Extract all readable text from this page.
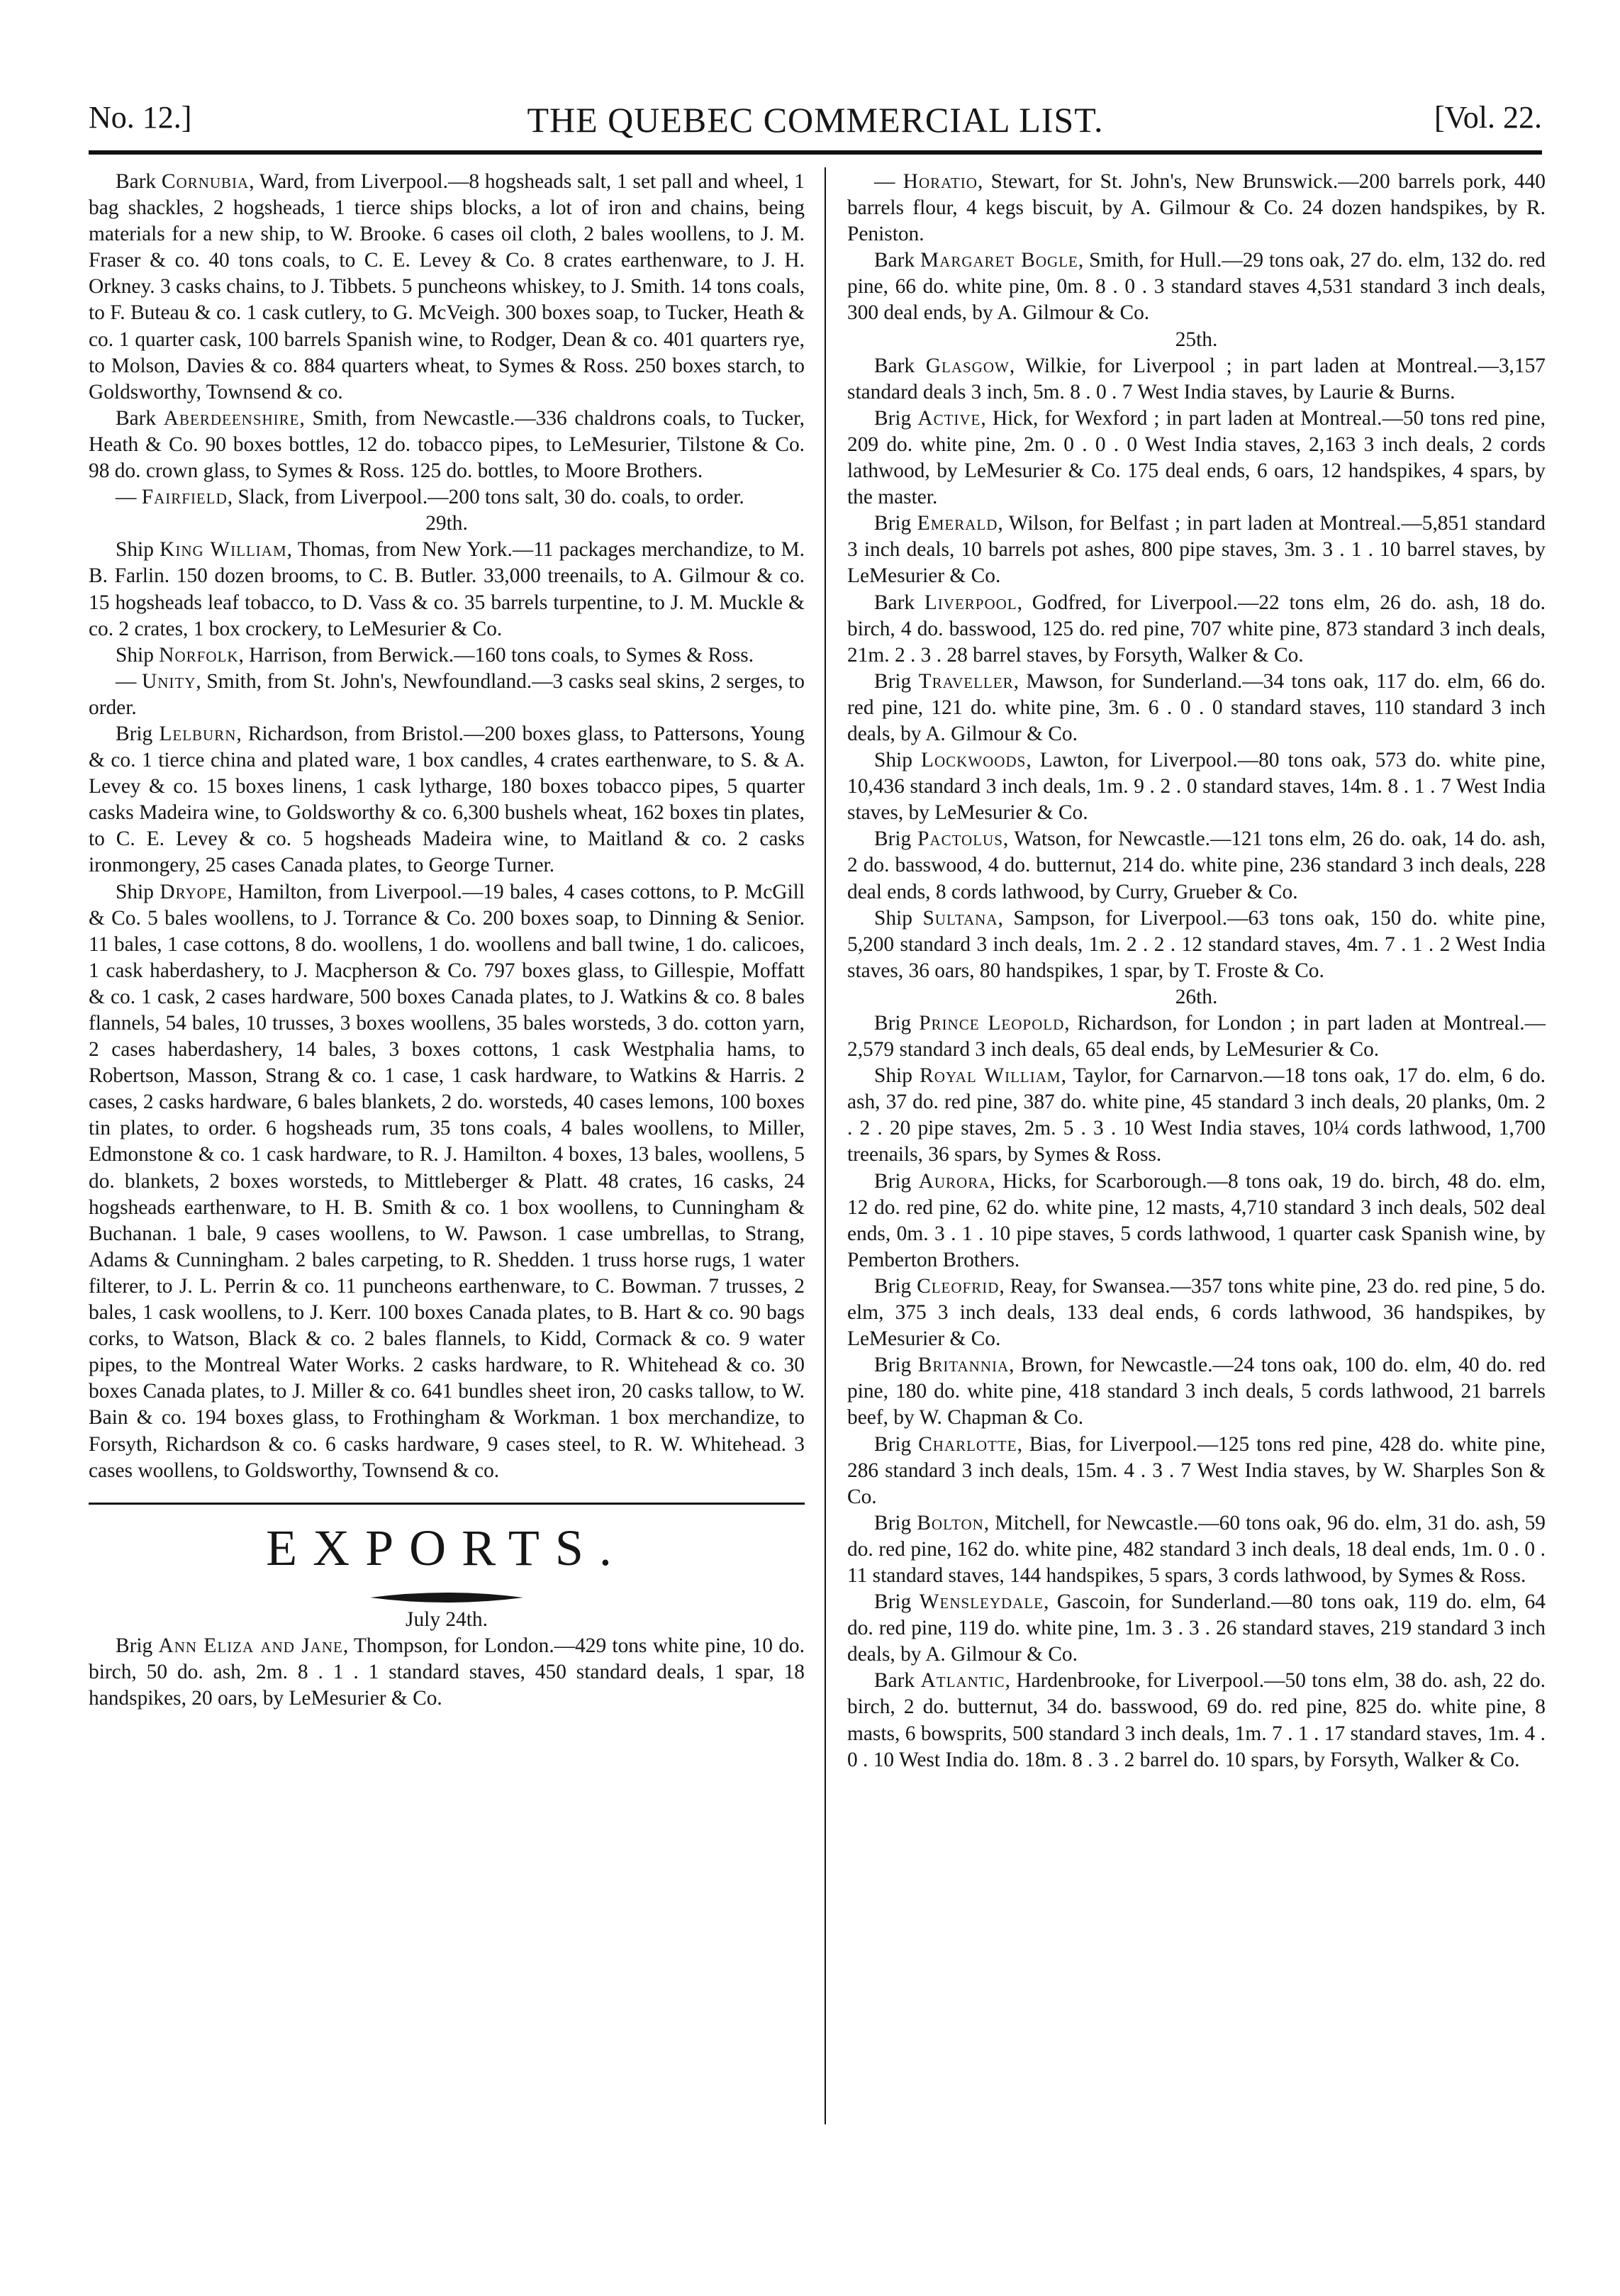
No. 12.]	THE QUEBEC COMMERCIAL LIST.	[Vol. 22.

Bark Cornubia, Ward, from Liverpool.—8 hogsheads salt, 1 set pall and wheel, 1 bag shackles, 2 hogsheads, 1 tierce ships blocks, a lot of iron and chains, being materials for a new ship, to W. Brooke. 6 cases oil cloth, 2 bales woollens, to J. M. Fraser & co. 40 tons coals, to C. E. Levey & Co. 8 crates earthenware, to J. H. Orkney. 3 casks chains, to J. Tibbets. 5 puncheons whiskey, to J. Smith. 14 tons coals, to F. Buteau & co. 1 cask cutlery, to G. McVeigh. 300 boxes soap, to Tucker, Heath & co. 1 quarter cask, 100 barrels Spanish wine, to Rodger, Dean & co. 401 quarters rye, to Molson, Davies & co. 884 quarters wheat, to Symes & Ross. 250 boxes starch, to Goldsworthy, Townsend & co.

Bark Aberdeenshire, Smith, from Newcastle.—336 chaldrons coals, to Tucker, Heath & Co. 90 boxes bottles, 12 do. tobacco pipes, to LeMesurier, Tilstone & Co. 98 do. crown glass, to Symes & Ross. 125 do. bottles, to Moore Brothers.

— Fairfield, Slack, from Liverpool.—200 tons salt, 30 do. coals, to order.

29th.

Ship King William, Thomas, from New York.—11 packages merchandize, to M. B. Farlin. 150 dozen brooms, to C. B. Butler. 33,000 treenails, to A. Gilmour & co. 15 hogsheads leaf tobacco, to D. Vass & co. 35 barrels turpentine, to J. M. Muckle & co. 2 crates, 1 box crockery, to LeMesurier & Co.

Ship Norfolk, Harrison, from Berwick.—160 tons coals, to Symes & Ross.

— Unity, Smith, from St. John's, Newfoundland.—3 casks seal skins, 2 serges, to order.

Brig Lelburn, Richardson, from Bristol.—200 boxes glass, to Pattersons, Young & co. 1 tierce china and plated ware, 1 box candles, 4 crates earthenware, to S. & A. Levey & co. 15 boxes linens, 1 cask lytharge, 180 boxes tobacco pipes, 5 quarter casks Madeira wine, to Goldsworthy & co. 6,300 bushels wheat, 162 boxes tin plates, to C. E. Levey & co. 5 hogsheads Madeira wine, to Maitland & co. 2 casks ironmongery, 25 cases Canada plates, to George Turner.

Ship Dryope, Hamilton, from Liverpool.—19 bales, 4 cases cottons, to P. McGill & Co. 5 bales woollens, to J. Torrance & Co. 200 boxes soap, to Dinning & Senior. 11 bales, 1 case cottons, 8 do. woollens, 1 do. woollens and ball twine, 1 do. calicoes, 1 cask haberdashery, to J. Macpherson & Co. 797 boxes glass, to Gillespie, Moffatt & co. 1 cask, 2 cases hardware, 500 boxes Canada plates, to J. Watkins & co. 8 bales flannels, 54 bales, 10 trusses, 3 boxes woollens, 35 bales worsteds, 3 do. cotton yarn, 2 cases haberdashery, 14 bales, 3 boxes cottons, 1 cask Westphalia hams, to Robertson, Masson, Strang & co. 1 case, 1 cask hardware, to Watkins & Harris. 2 cases, 2 casks hardware, 6 bales blankets, 2 do. worsteds, 40 cases lemons, 100 boxes tin plates, to order. 6 hogsheads rum, 35 tons coals, 4 bales woollens, to Miller, Edmonstone & co. 1 cask hardware, to R. J. Hamilton. 4 boxes, 13 bales, woollens, 5 do. blankets, 2 boxes worsteds, to Mittleberger & Platt. 48 crates, 16 casks, 24 hogsheads earthenware, to H. B. Smith & co. 1 box woollens, to Cunningham & Buchanan. 1 bale, 9 cases woollens, to W. Pawson. 1 case umbrellas, to Strang, Adams & Cunningham. 2 bales carpeting, to R. Shedden. 1 truss horse rugs, 1 water filterer, to J. L. Perrin & co. 11 puncheons earthenware, to C. Bowman. 7 trusses, 2 bales, 1 cask woollens, to J. Kerr. 100 boxes Canada plates, to B. Hart & co. 90 bags corks, to Watson, Black & co. 2 bales flannels, to Kidd, Cormack & co. 9 water pipes, to the Montreal Water Works. 2 casks hardware, to R. Whitehead & co. 30 boxes Canada plates, to J. Miller & co. 641 bundles sheet iron, 20 casks tallow, to W. Bain & co. 194 boxes glass, to Frothingham & Workman. 1 box merchandize, to Forsyth, Richardson & co. 6 casks hardware, 9 cases steel, to R. W. Whitehead. 3 cases woollens, to Goldsworthy, Townsend & co.

EXPORTS.

July 24th.

Brig Ann Eliza and Jane, Thompson, for London.—429 tons white pine, 10 do. birch, 50 do. ash, 2m. 8 . 1 . 1 standard staves, 450 standard deals, 1 spar, 18 handspikes, 20 oars, by LeMesurier & Co.

— Horatio, Stewart, for St. John's, New Brunswick.—200 barrels pork, 440 barrels flour, 4 kegs biscuit, by A. Gilmour & Co. 24 dozen handspikes, by R. Peniston.

Bark Margaret Bogle, Smith, for Hull.—29 tons oak, 27 do. elm, 132 do. red pine, 66 do. white pine, 0m. 8 . 0 . 3 standard staves 4,531 standard 3 inch deals, 300 deal ends, by A. Gilmour & Co.

25th.

Bark Glasgow, Wilkie, for Liverpool ; in part laden at Montreal.—3,157 standard deals 3 inch, 5m. 8 . 0 . 7 West India staves, by Laurie & Burns.

Brig Active, Hick, for Wexford ; in part laden at Montreal.—50 tons red pine, 209 do. white pine, 2m. 0 . 0 . 0 West India staves, 2,163 3 inch deals, 2 cords lathwood, by LeMesurier & Co. 175 deal ends, 6 oars, 12 handspikes, 4 spars, by the master.

Brig Emerald, Wilson, for Belfast ; in part laden at Montreal.—5,851 standard 3 inch deals, 10 barrels pot ashes, 800 pipe staves, 3m. 3 . 1 . 10 barrel staves, by LeMesurier & Co.

Bark Liverpool, Godfred, for Liverpool.—22 tons elm, 26 do. ash, 18 do. birch, 4 do. basswood, 125 do. red pine, 707 white pine, 873 standard 3 inch deals, 21m. 2 . 3 . 28 barrel staves, by Forsyth, Walker & Co.

Brig Traveller, Mawson, for Sunderland.—34 tons oak, 117 do. elm, 66 do. red pine, 121 do. white pine, 3m. 6 . 0 . 0 standard staves, 110 standard 3 inch deals, by A. Gilmour & Co.

Ship Lockwoods, Lawton, for Liverpool.—80 tons oak, 573 do. white pine, 10,436 standard 3 inch deals, 1m. 9 . 2 . 0 standard staves, 14m. 8 . 1 . 7 West India staves, by LeMesurier & Co.

Brig Pactolus, Watson, for Newcastle.—121 tons elm, 26 do. oak, 14 do. ash, 2 do. basswood, 4 do. butternut, 214 do. white pine, 236 standard 3 inch deals, 228 deal ends, 8 cords lathwood, by Curry, Grueber & Co.

Ship Sultana, Sampson, for Liverpool.—63 tons oak, 150 do. white pine, 5,200 standard 3 inch deals, 1m. 2 . 2 . 12 standard staves, 4m. 7 . 1 . 2 West India staves, 36 oars, 80 handspikes, 1 spar, by T. Froste & Co.

26th.

Brig Prince Leopold, Richardson, for London ; in part laden at Montreal.—2,579 standard 3 inch deals, 65 deal ends, by LeMesurier & Co.

Ship Royal William, Taylor, for Carnarvon.—18 tons oak, 17 do. elm, 6 do. ash, 37 do. red pine, 387 do. white pine, 45 standard 3 inch deals, 20 planks, 0m. 2 . 2 . 20 pipe staves, 2m. 5 . 3 . 10 West India staves, 10¼ cords lathwood, 1,700 treenails, 36 spars, by Symes & Ross.

Brig Aurora, Hicks, for Scarborough.—8 tons oak, 19 do. birch, 48 do. elm, 12 do. red pine, 62 do. white pine, 12 masts, 4,710 standard 3 inch deals, 502 deal ends, 0m. 3 . 1 . 10 pipe staves, 5 cords lathwood, 1 quarter cask Spanish wine, by Pemberton Brothers.

Brig Cleofrid, Reay, for Swansea.—357 tons white pine, 23 do. red pine, 5 do. elm, 375 3 inch deals, 133 deal ends, 6 cords lathwood, 36 handspikes, by LeMesurier & Co.

Brig Britannia, Brown, for Newcastle.—24 tons oak, 100 do. elm, 40 do. red pine, 180 do. white pine, 418 standard 3 inch deals, 5 cords lathwood, 21 barrels beef, by W. Chapman & Co.

Brig Charlotte, Bias, for Liverpool.—125 tons red pine, 428 do. white pine, 286 standard 3 inch deals, 15m. 4 . 3 . 7 West India staves, by W. Sharples Son & Co.

Brig Bolton, Mitchell, for Newcastle.—60 tons oak, 96 do. elm, 31 do. ash, 59 do. red pine, 162 do. white pine, 482 standard 3 inch deals, 18 deal ends, 1m. 0 . 0 . 11 standard staves, 144 handspikes, 5 spars, 3 cords lathwood, by Symes & Ross.

Brig Wensleydale, Gascoin, for Sunderland.—80 tons oak, 119 do. elm, 64 do. red pine, 119 do. white pine, 1m. 3 . 3 . 26 standard staves, 219 standard 3 inch deals, by A. Gilmour & Co.

Bark Atlantic, Hardenbrooke, for Liverpool.—50 tons elm, 38 do. ash, 22 do. birch, 2 do. butternut, 34 do. basswood, 69 do. red pine, 825 do. white pine, 8 masts, 6 bowsprits, 500 standard 3 inch deals, 1m. 7 . 1 . 17 standard staves, 1m. 4 . 0 . 10 West India do. 18m. 8 . 3 . 2 barrel do. 10 spars, by Forsyth, Walker & Co.
